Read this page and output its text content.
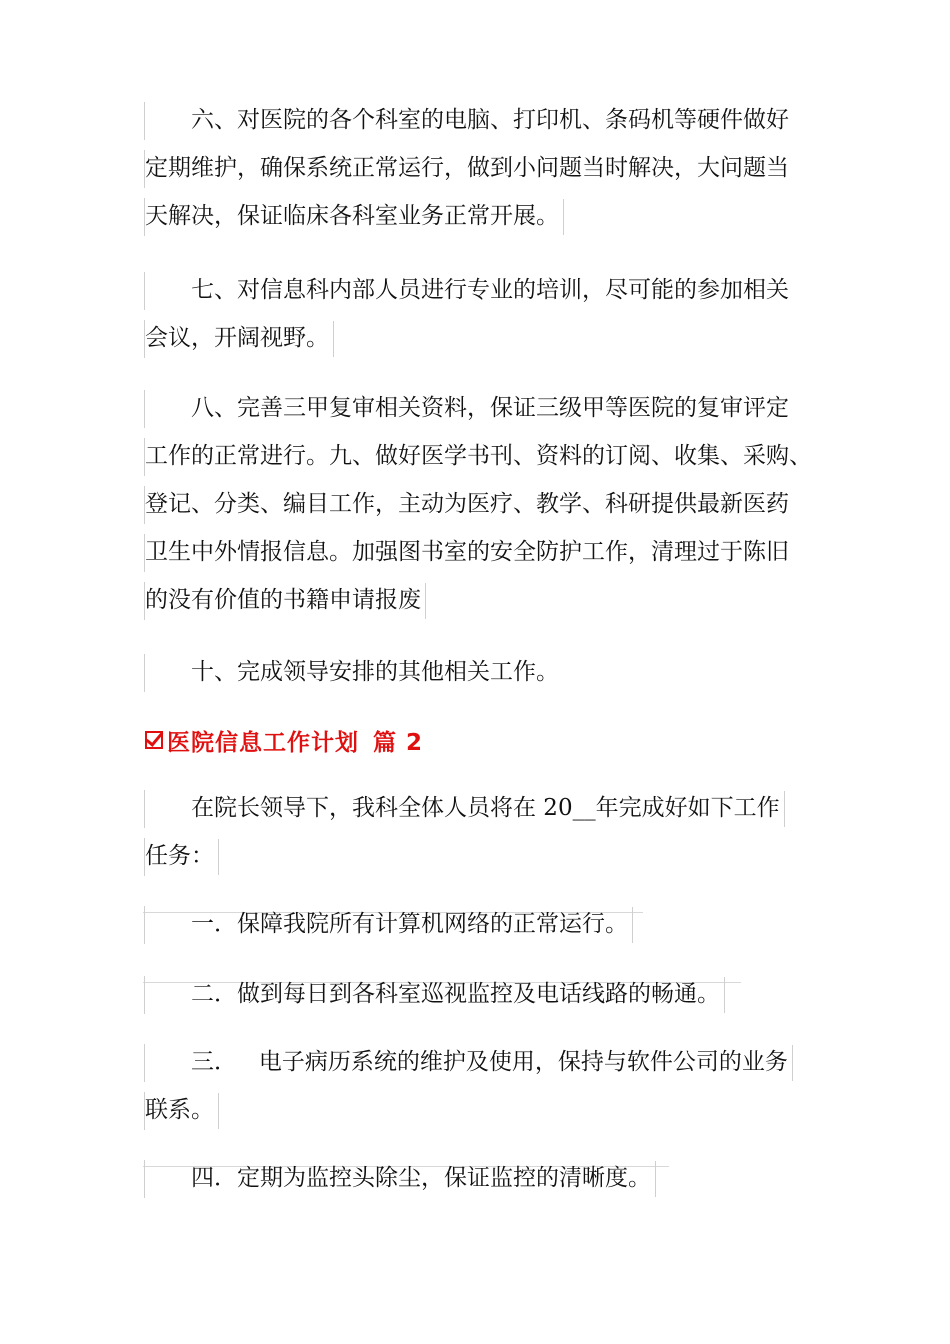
六、对医院的各个科室的电脑、打印机、条码机等硬件做好
定期维护，确保系统正常运行，做到小问题当时解决，大问题当
天解决，保证临床各科室业务正常开展。
七、对信息科内部人员进行专业的培训，尽可能的参加相关
会议，开阔视野。
八、完善三甲复审相关资料，保证三级甲等医院的复审评定
工作的正常进行。九、做好医学书刊、资料的订阅、收集、采购、
登记、分类、编目工作，主动为医疗、教学、科研提供最新医药
卫生中外情报信息。加强图书室的安全防护工作，清理过于陈旧
的没有价值的书籍申请报废
十、完成领导安排的其他相关工作。
医院信息工作计划 篇 2
在院长领导下，我科全体人员将在 20__年完成好如下工作
任务：
一．保障我院所有计算机网络的正常运行。
二．做到每日到各科室巡视监控及电话线路的畅通。
三．   电子病历系统的维护及使用，保持与软件公司的业务
联系。
四．定期为监控头除尘，保证监控的清晰度。
